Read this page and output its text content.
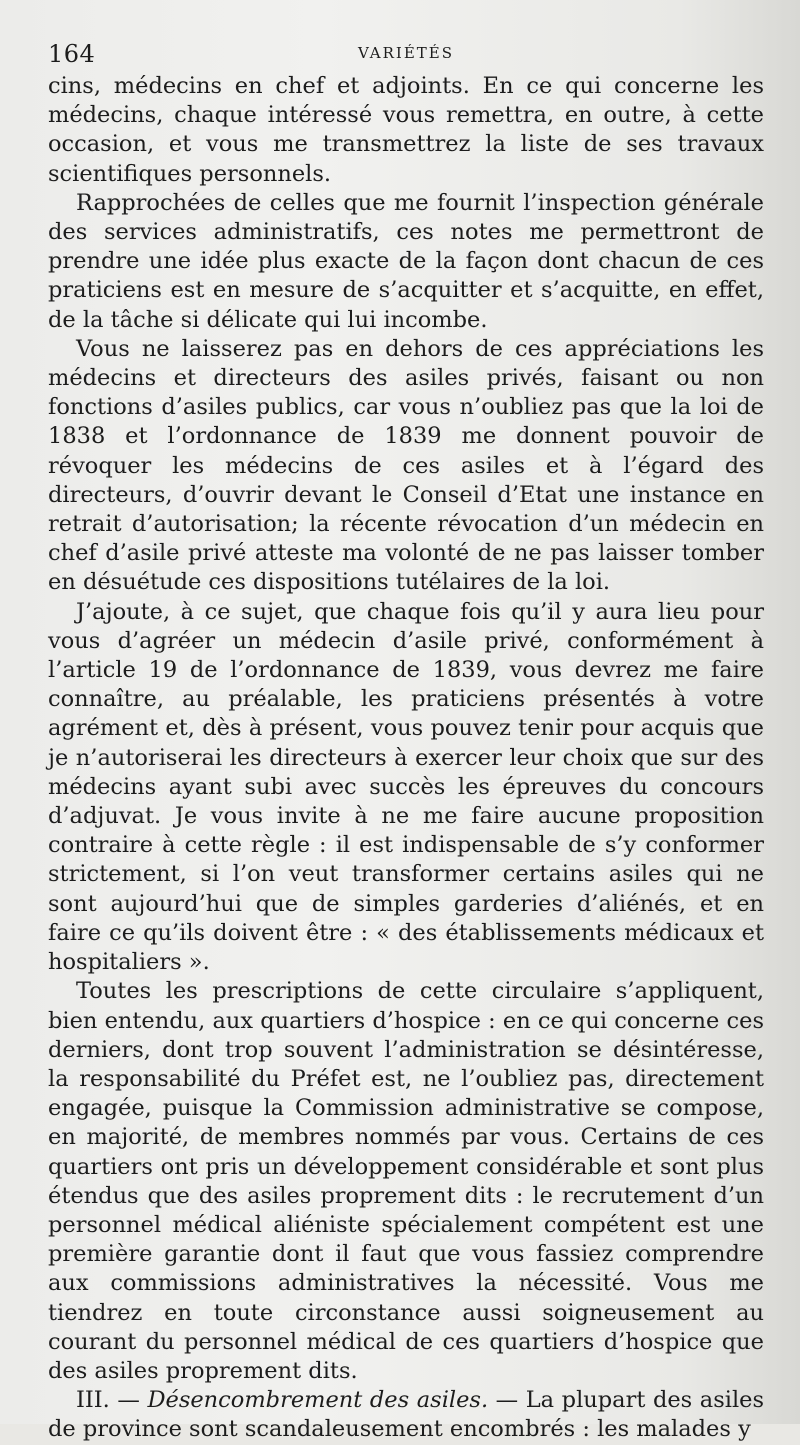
164	VARIÉTÉS

cins, médecins en chef et adjoints. En ce qui concerne les médecins, chaque intéressé vous remettra, en outre, à cette occasion, et vous me transmettrez la liste de ses travaux scientifiques personnels.

Rapprochées de celles que me fournit l’inspection générale des services administratifs, ces notes me permettront de prendre une idée plus exacte de la façon dont chacun de ces praticiens est en mesure de s’acquitter et s’acquitte, en effet, de la tâche si délicate qui lui incombe.

Vous ne laisserez pas en dehors de ces appréciations les médecins et directeurs des asiles privés, faisant ou non fonctions d’asiles publics, car vous n’oubliez pas que la loi de 1838 et l’ordonnance de 1839 me donnent pouvoir de révoquer les médecins de ces asiles et à l’égard des directeurs, d’ouvrir devant le Conseil d’Etat une instance en retrait d’autorisation; la récente révocation d’un médecin en chef d’asile privé atteste ma volonté de ne pas laisser tomber en désuétude ces dispositions tutélaires de la loi.

J’ajoute, à ce sujet, que chaque fois qu’il y aura lieu pour vous d’agréer un médecin d’asile privé, conformément à l’article 19 de l’ordonnance de 1839, vous devrez me faire connaître, au préalable, les praticiens présentés à votre agrément et, dès à présent, vous pouvez tenir pour acquis que je n’autoriserai les directeurs à exercer leur choix que sur des médecins ayant subi avec succès les épreuves du concours d’adjuvat. Je vous invite à ne me faire aucune proposition contraire à cette règle : il est indispensable de s’y conformer strictement, si l’on veut transformer certains asiles qui ne sont aujourd’hui que de simples garderies d’aliénés, et en faire ce qu’ils doivent être : « des établissements médicaux et hospitaliers ».

Toutes les prescriptions de cette circulaire s’appliquent, bien entendu, aux quartiers d’hospice : en ce qui concerne ces derniers, dont trop souvent l’administration se désintéresse, la responsabilité du Préfet est, ne l’oubliez pas, directement engagée, puisque la Commission administrative se compose, en majorité, de membres nommés par vous. Certains de ces quartiers ont pris un développement considérable et sont plus étendus que des asiles proprement dits : le recrutement d’un personnel médical aliéniste spécialement compétent est une première garantie dont il faut que vous fassiez comprendre aux commissions administratives la nécessité. Vous me tiendrez en toute circonstance aussi soigneusement au courant du personnel médical de ces quartiers d’hospice que des asiles proprement dits.

III. — Désencombrement des asiles. — La plupart des asiles de province sont scandaleusement encombrés : les malades y
